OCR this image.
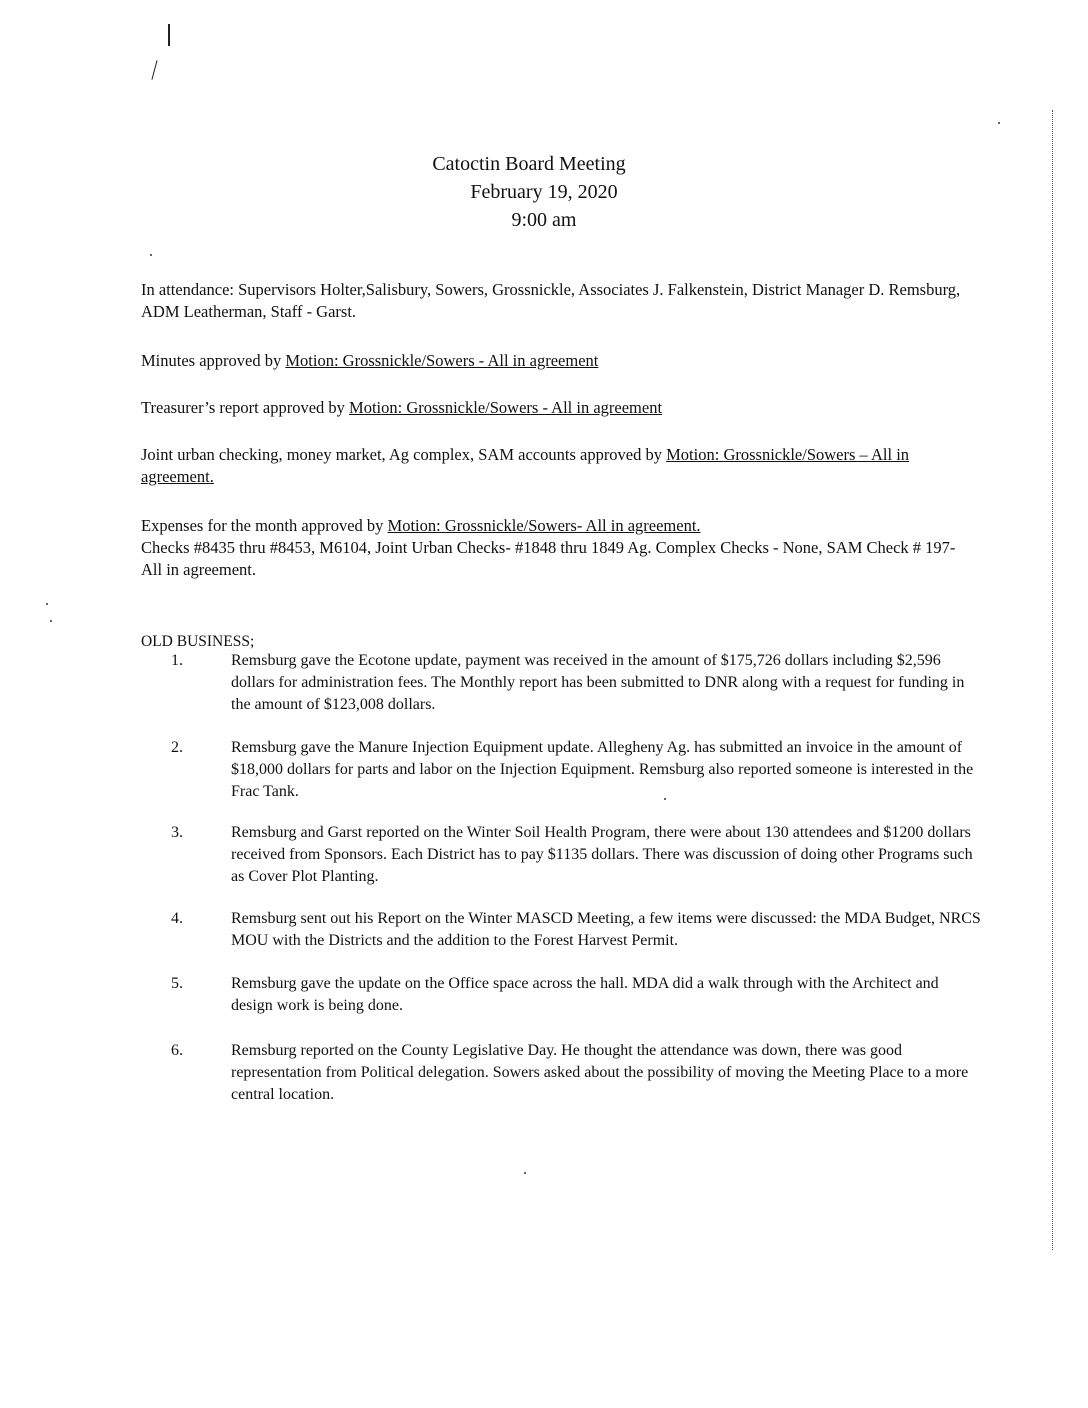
Catoctin Board Meeting
February 19, 2020
9:00 am
In attendance: Supervisors Holter,Salisbury, Sowers, Grossnickle, Associates J. Falkenstein, District Manager D. Remsburg, ADM Leatherman, Staff - Garst.
Minutes approved by Motion: Grossnickle/Sowers - All in agreement
Treasurer’s report approved by Motion: Grossnickle/Sowers - All in agreement
Joint urban checking, money market, Ag complex, SAM accounts approved by Motion: Grossnickle/Sowers – All in agreement.
Expenses for the month approved by Motion: Grossnickle/Sowers- All in agreement.
Checks #8435 thru #8453, M6104, Joint Urban Checks- #1848 thru 1849 Ag. Complex Checks - None, SAM Check # 197- All in agreement.
OLD BUSINESS;
1.	Remsburg gave the Ecotone update, payment was received in the amount of $175,726 dollars including $2,596 dollars for administration fees. The Monthly report has been submitted to DNR along with a request for funding in the amount of $123,008 dollars.
2.	Remsburg gave the Manure Injection Equipment update. Allegheny Ag. has submitted an invoice in the amount of $18,000 dollars for parts and labor on the Injection Equipment. Remsburg also reported someone is interested in the Frac Tank.
3.	Remsburg and Garst reported on the Winter Soil Health Program, there were about 130 attendees and $1200 dollars received from Sponsors. Each District has to pay $1135 dollars. There was discussion of doing other Programs such as Cover Plot Planting.
4.	Remsburg sent out his Report on the Winter MASCD Meeting, a few items were discussed: the MDA Budget, NRCS MOU with the Districts and the addition to the Forest Harvest Permit.
5.	Remsburg gave the update on the Office space across the hall. MDA did a walk through with the Architect and design work is being done.
6.	Remsburg reported on the County Legislative Day. He thought the attendance was down, there was good representation from Political delegation. Sowers asked about the possibility of moving the Meeting Place to a more central location.
